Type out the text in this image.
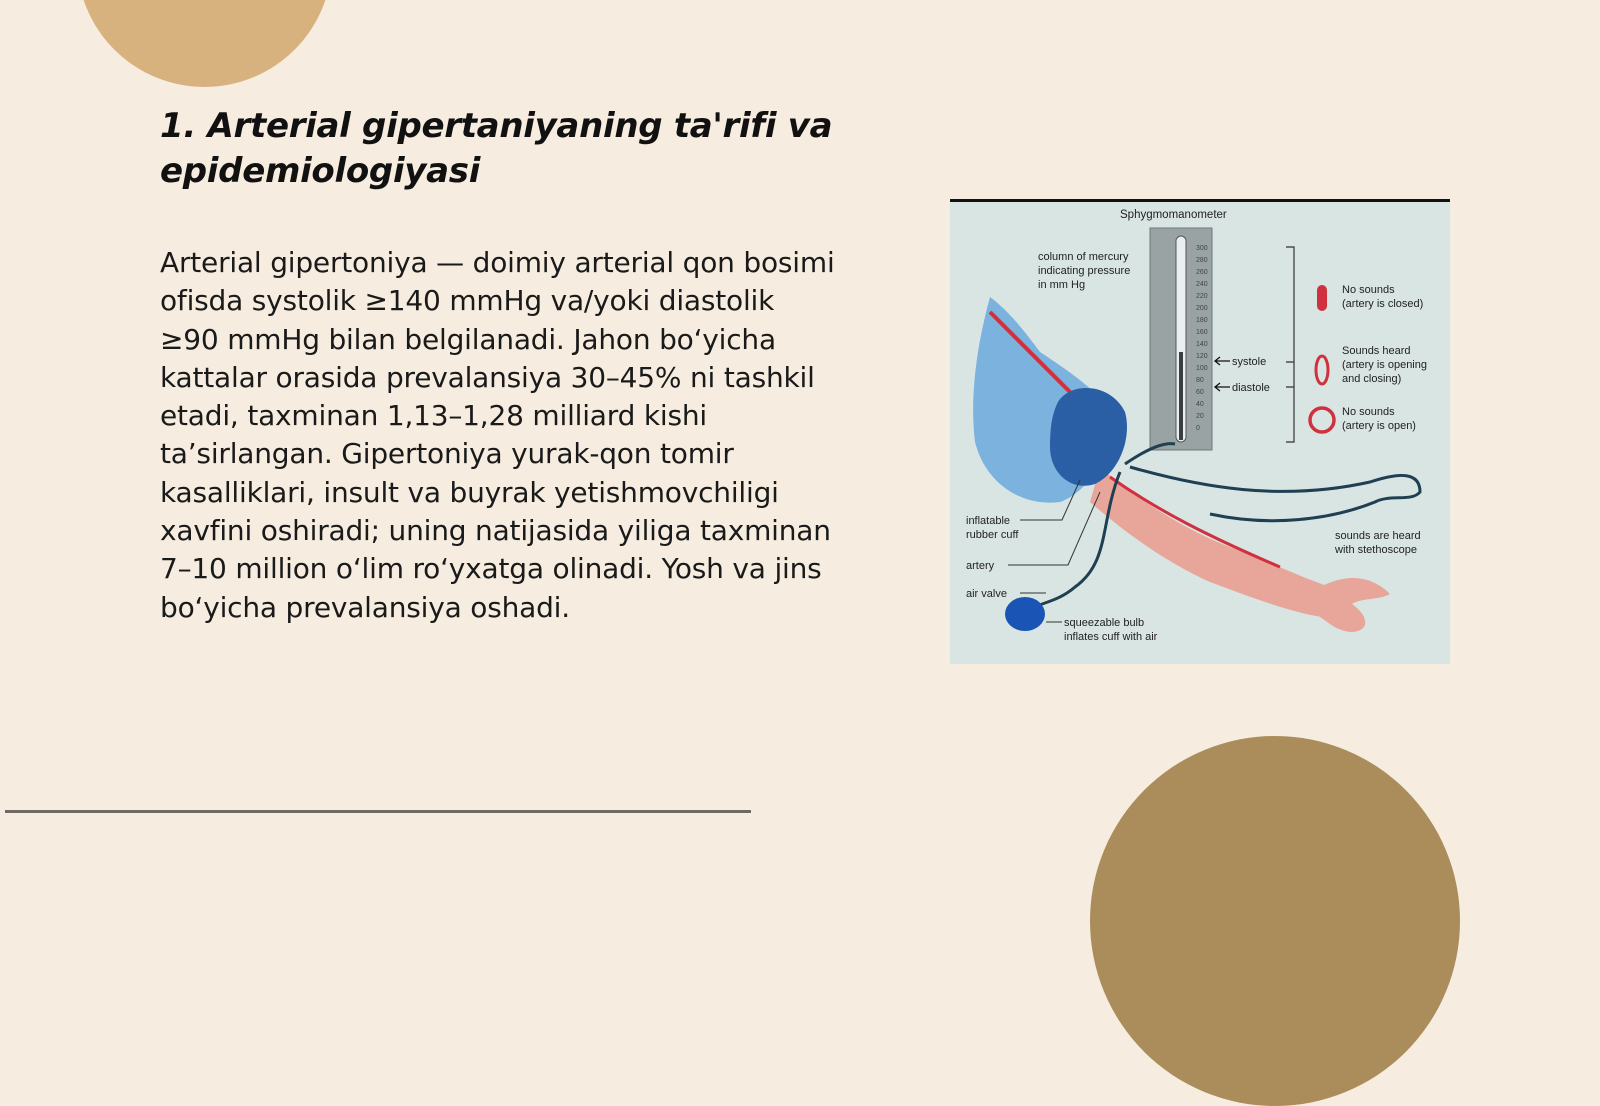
1. Arterial gipertaniyaning ta'rifi va epidemiologiyasi

Arterial gipertoniya — doimiy arterial qon bosimi ofisda systolik ≥140 mmHg va/yoki diastolik ≥90 mmHg bilan belgilanadi. Jahon bo‘yicha kattalar orasida prevalansiya 30–45% ni tashkil etadi, taxminan 1,13–1,28 milliard kishi ta’sirlangan. Gipertoniya yurak-qon tomir kasalliklari, insult va buyrak yetishmovchiligi xavfini oshiradi; uning natijasida yiliga taxminan 7–10 million o‘lim ro‘yxatga olinadi. Yosh va jins bo‘yicha prevalansiya oshadi.

Sphygmomanometer
300
280
260
240
220
200
180
160
140
120
100
80
60
40
20
0
column of mercury
indicating pressure
in mm Hg
systole
diastole
No sounds
(artery is closed)
Sounds heard
(artery is opening
and closing)
No sounds
(artery is open)
inflatable
rubber cuff
artery
air valve
squeezable bulb
inflates cuff with air
sounds are heard
with stethoscope
